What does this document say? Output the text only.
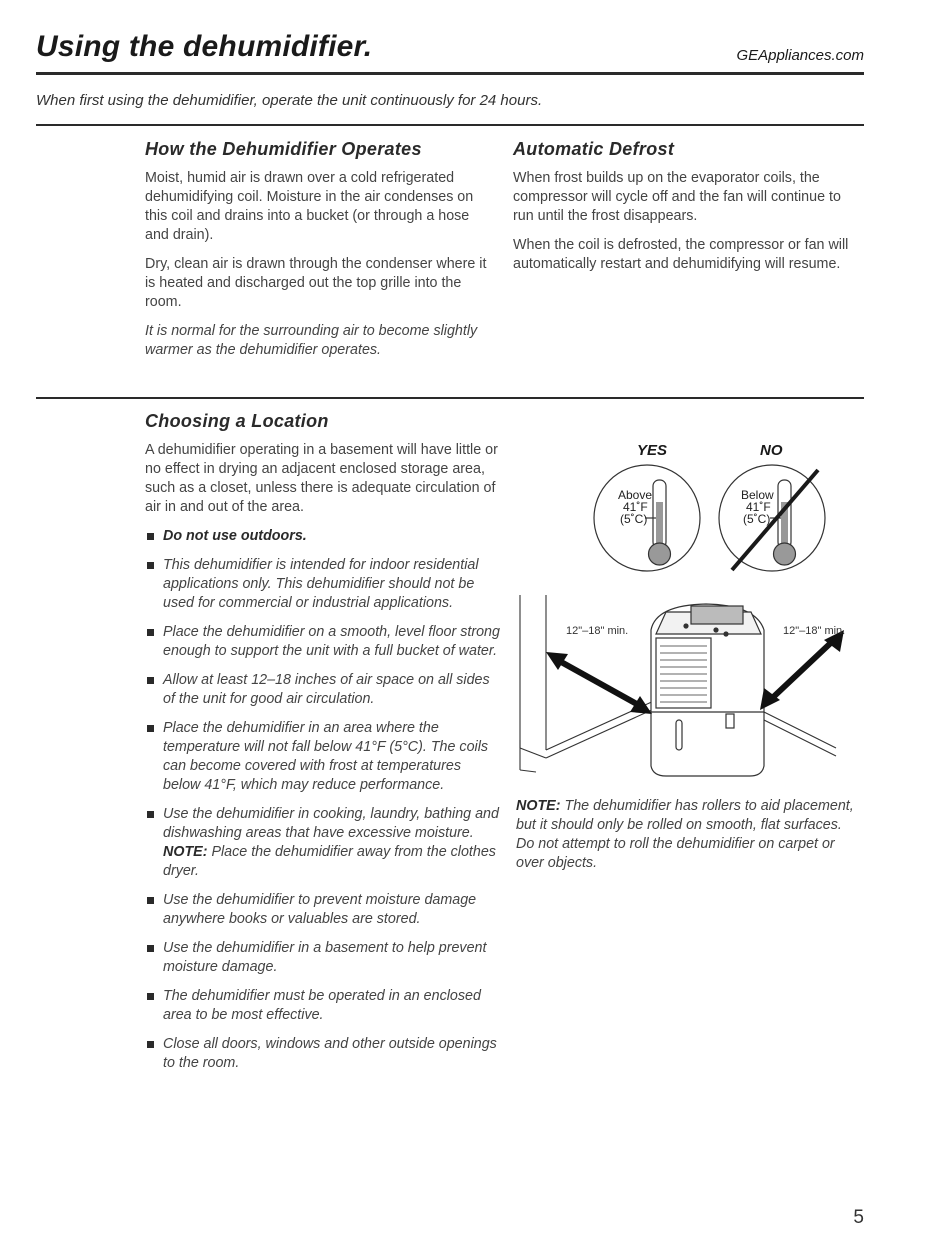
Using the dehumidifier.	GEAppliances.com
When first using the dehumidifier, operate the unit continuously for 24 hours.
How the Dehumidifier Operates

Moist, humid air is drawn over a cold refrigerated dehumidifying coil. Moisture in the air condenses on this coil and drains into a bucket (or through a hose and drain).

Dry, clean air is drawn through the condenser where it is heated and discharged out the top grille into the room.

It is normal for the surrounding air to become slightly warmer as the dehumidifier operates.

Automatic Defrost

When frost builds up on the evaporator coils, the compressor will cycle off and the fan will continue to run until the frost disappears.

When the coil is defrosted, the compressor or fan will automatically restart and dehumidifying will resume.

Choosing a Location

A dehumidifier operating in a basement will have little or no effect in drying an adjacent enclosed storage area, such as a closet, unless there is adequate circulation of air in and out of the area.

Do not use outdoors.
This dehumidifier is intended for indoor residential applications only. This dehumidifier should not be used for commercial or industrial applications.
Place the dehumidifier on a smooth, level floor strong enough to support the unit with a full bucket of water.
Allow at least 12–18 inches of air space on all sides of the unit for good air circulation.
Place the dehumidifier in an area where the temperature will not fall below 41°F (5°C). The coils can become covered with frost at temperatures below 41°F, which may reduce performance.
Use the dehumidifier in cooking, laundry, bathing and dishwashing areas that have excessive moisture. NOTE: Place the dehumidifier away from the clothes dryer.
Use the dehumidifier to prevent moisture damage anywhere books or valuables are stored.
Use the dehumidifier in a basement to help prevent moisture damage.
The dehumidifier must be operated in an enclosed area to be most effective.
Close all doors, windows and other outside openings to the room.
YES	NO
Above
41˚F
(5˚C)
Below
41˚F
(5˚C)
12"–18" min.	12"–18" min.

NOTE: The dehumidifier has rollers to aid placement, but it should only be rolled on smooth, flat surfaces. Do not attempt to roll the dehumidifier on carpet or over objects.

5
